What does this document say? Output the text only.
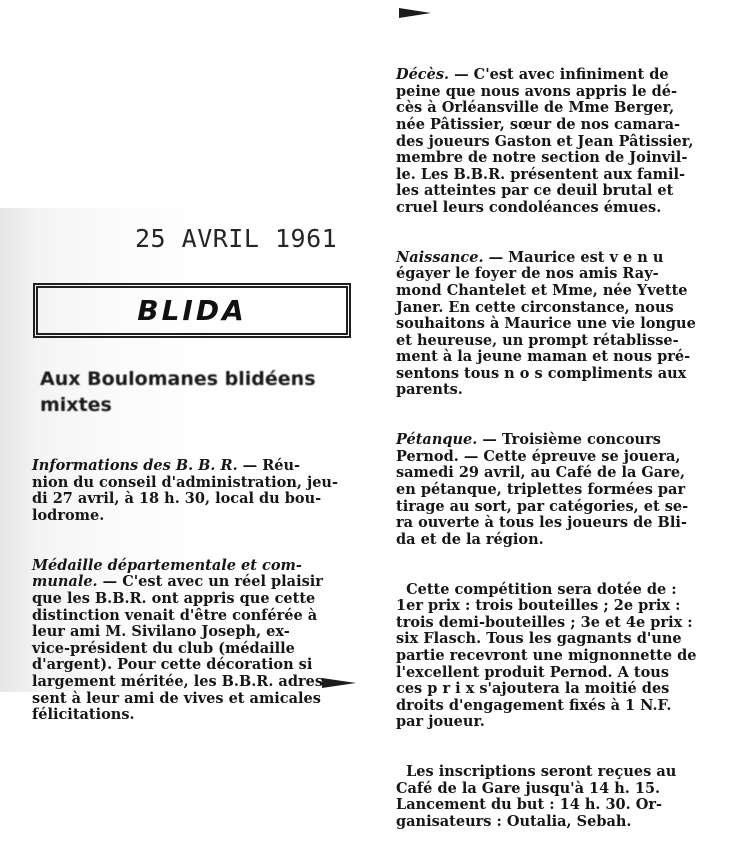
25 AVRIL 1961
BLIDA
Aux Boulomanes blidéens
mixtes

Informations des B. B. R. — Réu-
nion du conseil d'administration, jeu-
di 27 avril, à 18 h. 30, local du bou-
lodrome.

Médaille départementale et com-
munale. — C'est avec un réel plaisir
que les B.B.R. ont appris que cette
distinction venait d'être conférée à
leur ami M. Sivilano Joseph, ex-
vice-président du club (médaille
d'argent). Pour cette décoration si
largement méritée, les B.B.R. adres-
sent à leur ami de vives et amicales
félicitations.

Décès. — C'est avec infiniment de
peine que nous avons appris le dé-
cès à Orléansville de Mme Berger,
née Pâtissier, sœur de nos camara-
des joueurs Gaston et Jean Pâtissier,
membre de notre section de Joinvil-
le. Les B.B.R. présentent aux famil-
les atteintes par ce deuil brutal et
cruel leurs condoléances émues.

Naissance. — Maurice est v e n u
égayer le foyer de nos amis Ray-
mond Chantelet et Mme, née Yvette
Janer. En cette circonstance, nous
souhaitons à Maurice une vie longue
et heureuse, un prompt rétablisse-
ment à la jeune maman et nous pré-
sentons tous n o s compliments aux
parents.

Pétanque. — Troisième concours
Pernod. — Cette épreuve se jouera,
samedi 29 avril, au Café de la Gare,
en pétanque, triplettes formées par
tirage au sort, par catégories, et se-
ra ouverte à tous les joueurs de Bli-
da et de la région.

Cette compétition sera dotée de :
1er prix : trois bouteilles ; 2e prix :
trois demi-bouteilles ; 3e et 4e prix :
six Flasch. Tous les gagnants d'une
partie recevront une mignonnette de
l'excellent produit Pernod. A tous
ces p r i x s'ajoutera la moitié des
droits d'engagement fixés à 1 N.F.
par joueur.

Les inscriptions seront reçues au
Café de la Gare jusqu'à 14 h. 15.
Lancement du but : 14 h. 30. Or-
ganisateurs : Outalia, Sebah.
